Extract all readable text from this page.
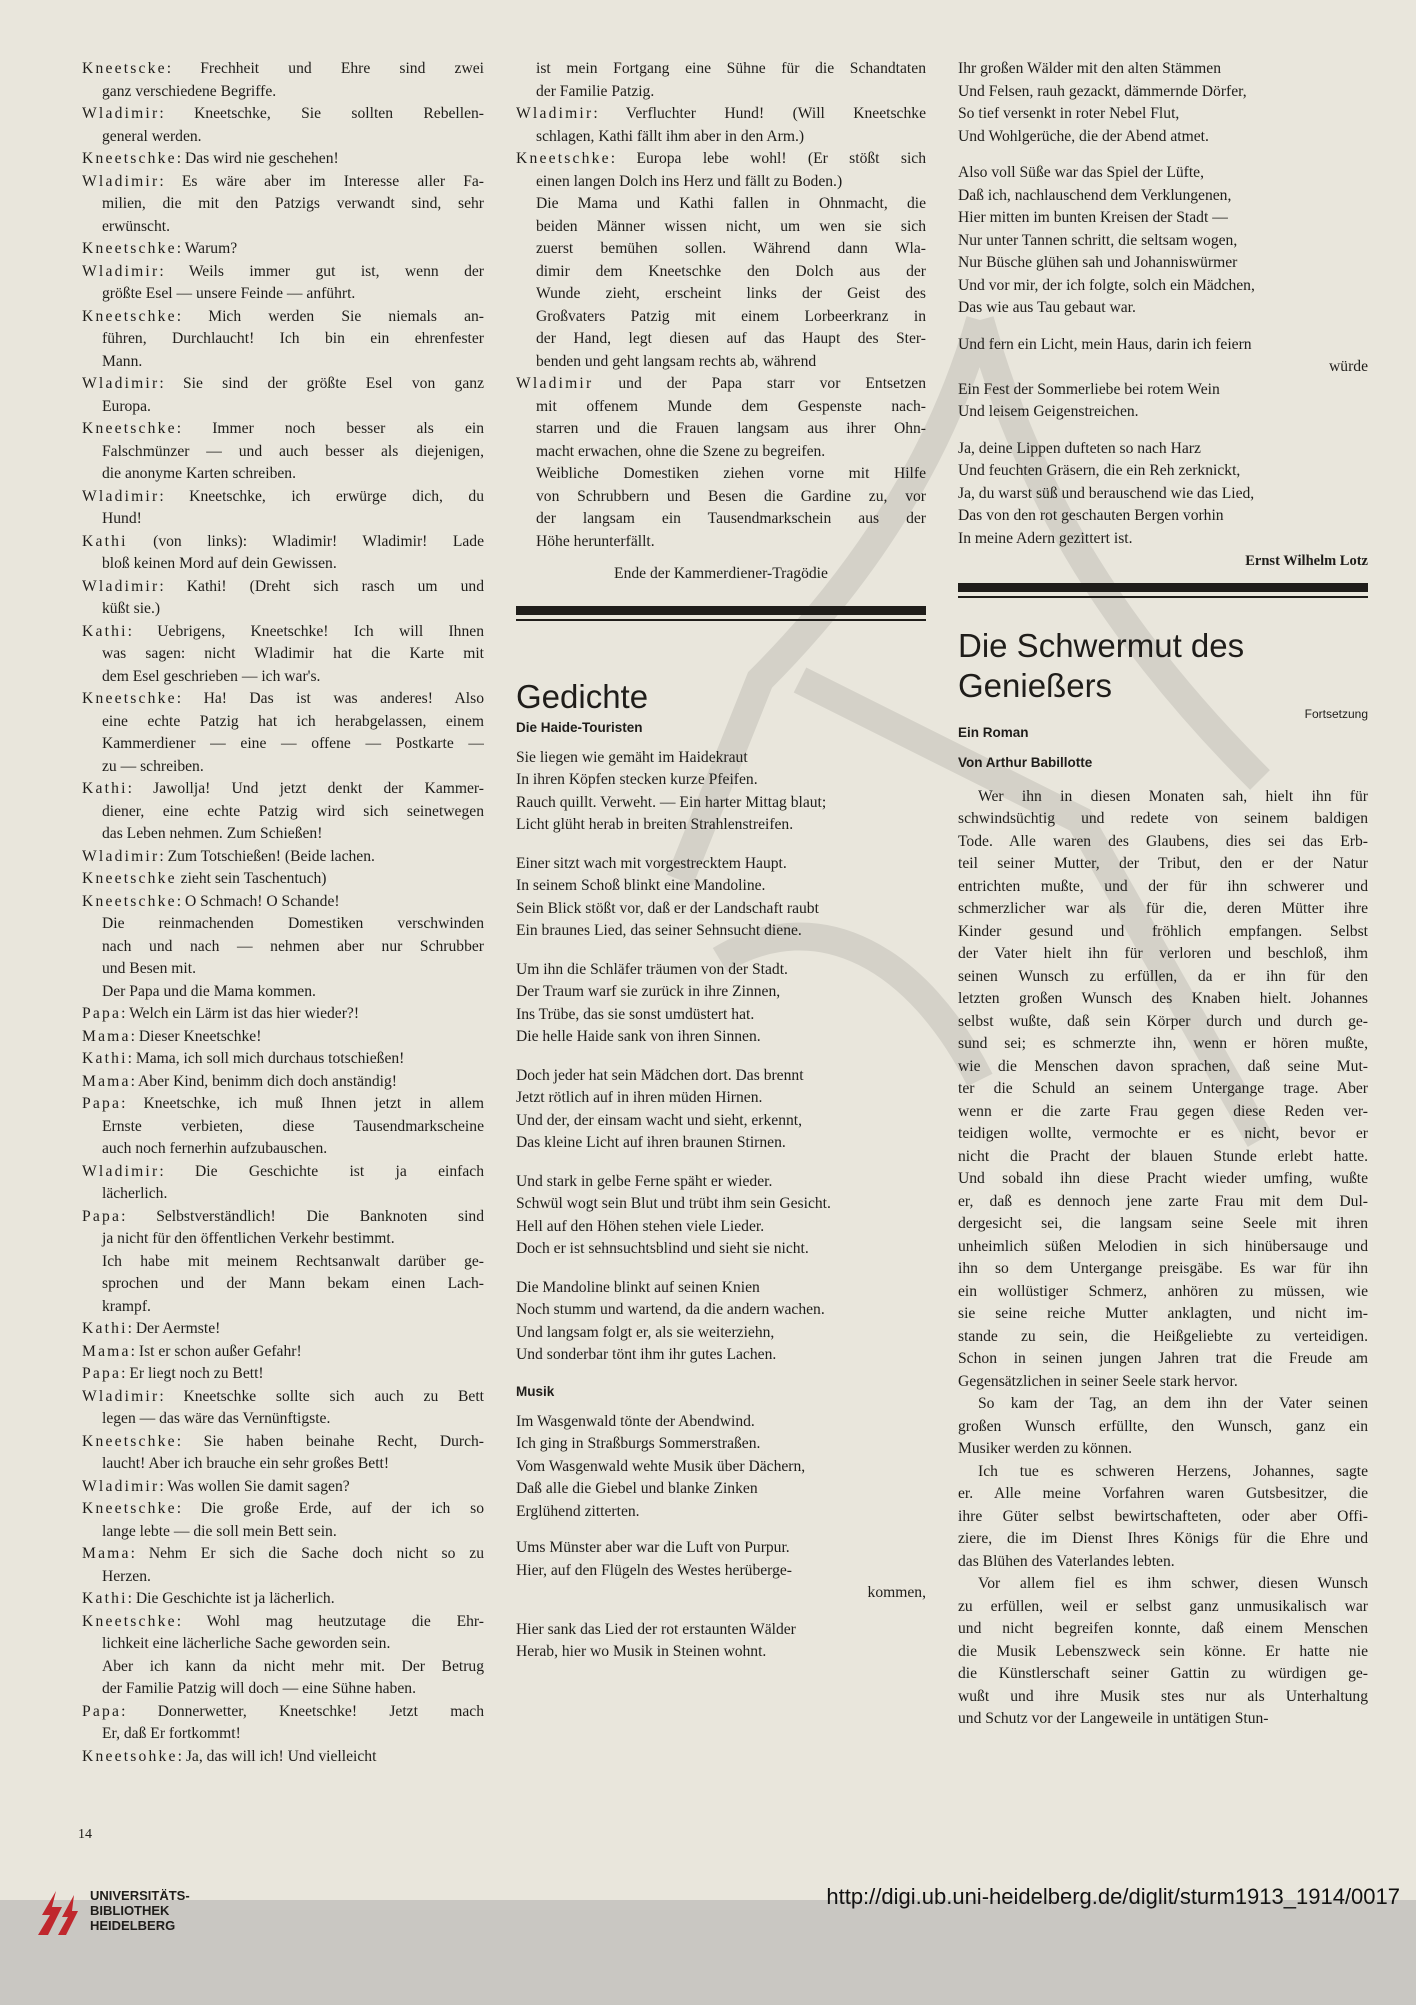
Kneetscke: Frechheit und Ehre sind zwei
ganz verschiedene Begriffe.
Wladimir: Kneetschke, Sie sollten Rebellen-
general werden.
Kneetschke: Das wird nie geschehen!
Wladimir: Es wäre aber im Interesse aller Fa-
milien, die mit den Patzigs verwandt sind, sehr
erwünscht.
Kneetschke: Warum?
Wladimir: Weils immer gut ist, wenn der
größte Esel — unsere Feinde — anführt.
Kneetschke: Mich werden Sie niemals an-
führen, Durchlaucht! Ich bin ein ehrenfester
Mann.
Wladimir: Sie sind der größte Esel von ganz
Europa.
Kneetschke: Immer noch besser als ein
Falschmünzer — und auch besser als diejenigen,
die anonyme Karten schreiben.
Wladimir: Kneetschke, ich erwürge dich, du
Hund!
Kathi (von links): Wladimir! Wladimir! Lade
bloß keinen Mord auf dein Gewissen.
Wladimir: Kathi! (Dreht sich rasch um und
küßt sie.)
Kathi: Uebrigens, Kneetschke! Ich will Ihnen
was sagen: nicht Wladimir hat die Karte mit
dem Esel geschrieben — ich war's.
Kneetschke: Ha! Das ist was anderes! Also
eine echte Patzig hat ich herabgelassen, einem
Kammerdiener — eine — offene — Postkarte —
zu — schreiben.
Kathi: Jawollja! Und jetzt denkt der Kammer-
diener, eine echte Patzig wird sich seinetwegen
das Leben nehmen. Zum Schießen!
Wladimir: Zum Totschießen! (Beide lachen.
Kneetschke zieht sein Taschentuch)
Kneetschke: O Schmach! O Schande!
Die reinmachenden Domestiken verschwinden
nach und nach — nehmen aber nur Schrubber
und Besen mit.
Der Papa und die Mama kommen.
Papa: Welch ein Lärm ist das hier wieder?!
Mama: Dieser Kneetschke!
Kathi: Mama, ich soll mich durchaus totschießen!
Mama: Aber Kind, benimm dich doch anständig!
Papa: Kneetschke, ich muß Ihnen jetzt in allem
Ernste verbieten, diese Tausendmarkscheine
auch noch fernerhin aufzubauschen.
Wladimir: Die Geschichte ist ja einfach
lächerlich.
Papa: Selbstverständlich! Die Banknoten sind
ja nicht für den öffentlichen Verkehr bestimmt.
Ich habe mit meinem Rechtsanwalt darüber ge-
sprochen und der Mann bekam einen Lach-
krampf.
Kathi: Der Aermste!
Mama: Ist er schon außer Gefahr!
Papa: Er liegt noch zu Bett!
Wladimir: Kneetschke sollte sich auch zu Bett
legen — das wäre das Vernünftigste.
Kneetschke: Sie haben beinahe Recht, Durch-
laucht! Aber ich brauche ein sehr großes Bett!
Wladimir: Was wollen Sie damit sagen?
Kneetschke: Die große Erde, auf der ich so
lange lebte — die soll mein Bett sein.
Mama: Nehm Er sich die Sache doch nicht so zu
Herzen.
Kathi: Die Geschichte ist ja lächerlich.
Kneetschke: Wohl mag heutzutage die Ehr-
lichkeit eine lächerliche Sache geworden sein.
Aber ich kann da nicht mehr mit. Der Betrug
der Familie Patzig will doch — eine Sühne haben.
Papa: Donnerwetter, Kneetschke! Jetzt mach
Er, daß Er fortkommt!
Kneetsohke: Ja, das will ich! Und vielleicht
ist mein Fortgang eine Sühne für die Schandtaten
der Familie Patzig.
Wladimir: Verfluchter Hund! (Will Kneetschke
schlagen, Kathi fällt ihm aber in den Arm.)
Kneetschke: Europa lebe wohl! (Er stößt sich
einen langen Dolch ins Herz und fällt zu Boden.)
Die Mama und Kathi fallen in Ohnmacht, die
beiden Männer wissen nicht, um wen sie sich
zuerst bemühen sollen. Während dann Wla-
dimir dem Kneetschke den Dolch aus der
Wunde zieht, erscheint links der Geist des
Großvaters Patzig mit einem Lorbeerkranz in
der Hand, legt diesen auf das Haupt des Ster-
benden und geht langsam rechts ab, während
Wladimir und der Papa starr vor Entsetzen
mit offenem Munde dem Gespenste nach-
starren und die Frauen langsam aus ihrer Ohn-
macht erwachen, ohne die Szene zu begreifen.
Weibliche Domestiken ziehen vorne mit Hilfe
von Schrubbern und Besen die Gardine zu, vor
der langsam ein Tausendmarkschein aus der
Höhe herunterfällt.
Ende der Kammerdiener-Tragödie
Gedichte
Die Haide-Touristen
Sie liegen wie gemäht im Haidekraut
In ihren Köpfen stecken kurze Pfeifen.
Rauch quillt. Verweht. — Ein harter Mittag blaut;
Licht glüht herab in breiten Strahlenstreifen.
Einer sitzt wach mit vorgestrecktem Haupt.
In seinem Schoß blinkt eine Mandoline.
Sein Blick stößt vor, daß er der Landschaft raubt
Ein braunes Lied, das seiner Sehnsucht diene.
Um ihn die Schläfer träumen von der Stadt.
Der Traum warf sie zurück in ihre Zinnen,
Ins Trübe, das sie sonst umdüstert hat.
Die helle Haide sank von ihren Sinnen.
Doch jeder hat sein Mädchen dort. Das brennt
Jetzt rötlich auf in ihren müden Hirnen.
Und der, der einsam wacht und sieht, erkennt,
Das kleine Licht auf ihren braunen Stirnen.
Und stark in gelbe Ferne späht er wieder.
Schwül wogt sein Blut und trübt ihm sein Gesicht.
Hell auf den Höhen stehen viele Lieder.
Doch er ist sehnsuchtsblind und sieht sie nicht.
Die Mandoline blinkt auf seinen Knien
Noch stumm und wartend, da die andern wachen.
Und langsam folgt er, als sie weiterziehn,
Und sonderbar tönt ihm ihr gutes Lachen.
Musik
Im Wasgenwald tönte der Abendwind.
Ich ging in Straßburgs Sommerstraßen.
Vom Wasgenwald wehte Musik über Dächern,
Daß alle die Giebel und blanke Zinken
Erglühend zitterten.
Ums Münster aber war die Luft von Purpur.
Hier, auf den Flügeln des Westes herüberge-
kommen,
Hier sank das Lied der rot erstaunten Wälder
Herab, hier wo Musik in Steinen wohnt.
Ihr großen Wälder mit den alten Stämmen
Und Felsen, rauh gezackt, dämmernde Dörfer,
So tief versenkt in roter Nebel Flut,
Und Wohlgerüche, die der Abend atmet.
Also voll Süße war das Spiel der Lüfte,
Daß ich, nachlauschend dem Verklungenen,
Hier mitten im bunten Kreisen der Stadt —
Nur unter Tannen schritt, die seltsam wogen,
Nur Büsche glühen sah und Johanniswürmer
Und vor mir, der ich folgte, solch ein Mädchen,
Das wie aus Tau gebaut war.
Und fern ein Licht, mein Haus, darin ich feiern
würde
Ein Fest der Sommerliebe bei rotem Wein
Und leisem Geigenstreichen.
Ja, deine Lippen dufteten so nach Harz
Und feuchten Gräsern, die ein Reh zerknickt,
Ja, du warst süß und berauschend wie das Lied,
Das von den rot geschauten Bergen vorhin
In meine Adern gezittert ist.
Ernst Wilhelm Lotz
Die Schwermut des
Genießers
Fortsetzung
Ein Roman
Von Arthur Babillotte
Wer ihn in diesen Monaten sah, hielt ihn für
schwindsüchtig und redete von seinem baldigen
Tode. Alle waren des Glaubens, dies sei das Erb-
teil seiner Mutter, der Tribut, den er der Natur
entrichten mußte, und der für ihn schwerer und
schmerzlicher war als für die, deren Mütter ihre
Kinder gesund und fröhlich empfangen. Selbst
der Vater hielt ihn für verloren und beschloß, ihm
seinen Wunsch zu erfüllen, da er ihn für den
letzten großen Wunsch des Knaben hielt. Johannes
selbst wußte, daß sein Körper durch und durch ge-
sund sei; es schmerzte ihn, wenn er hören mußte,
wie die Menschen davon sprachen, daß seine Mut-
ter die Schuld an seinem Untergange trage. Aber
wenn er die zarte Frau gegen diese Reden ver-
teidigen wollte, vermochte er es nicht, bevor er
nicht die Pracht der blauen Stunde erlebt hatte.
Und sobald ihn diese Pracht wieder umfing, wußte
er, daß es dennoch jene zarte Frau mit dem Dul-
dergesicht sei, die langsam seine Seele mit ihren
unheimlich süßen Melodien in sich hinübersauge und
ihn so dem Untergange preisgäbe. Es war für ihn
ein wollüstiger Schmerz, anhören zu müssen, wie
sie seine reiche Mutter anklagten, und nicht im-
stande zu sein, die Heißgeliebte zu verteidigen.
Schon in seinen jungen Jahren trat die Freude am
Gegensätzlichen in seiner Seele stark hervor.
So kam der Tag, an dem ihn der Vater seinen
großen Wunsch erfüllte, den Wunsch, ganz ein
Musiker werden zu können.
Ich tue es schweren Herzens, Johannes, sagte
er. Alle meine Vorfahren waren Gutsbesitzer, die
ihre Güter selbst bewirtschafteten, oder aber Offi-
ziere, die im Dienst Ihres Königs für die Ehre und
das Blühen des Vaterlandes lebten.
Vor allem fiel es ihm schwer, diesen Wunsch
zu erfüllen, weil er selbst ganz unmusikalisch war
und nicht begreifen konnte, daß einem Menschen
die Musik Lebenszweck sein könne. Er hatte nie
die Künstlerschaft seiner Gattin zu würdigen ge-
wußt und ihre Musik stes nur als Unterhaltung
und Schutz vor der Langeweile in untätigen Stun-
14
UNIVERSITÄTS-
BIBLIOTHEK
HEIDELBERG
http://digi.ub.uni-heidelberg.de/diglit/sturm1913_1914/0017
